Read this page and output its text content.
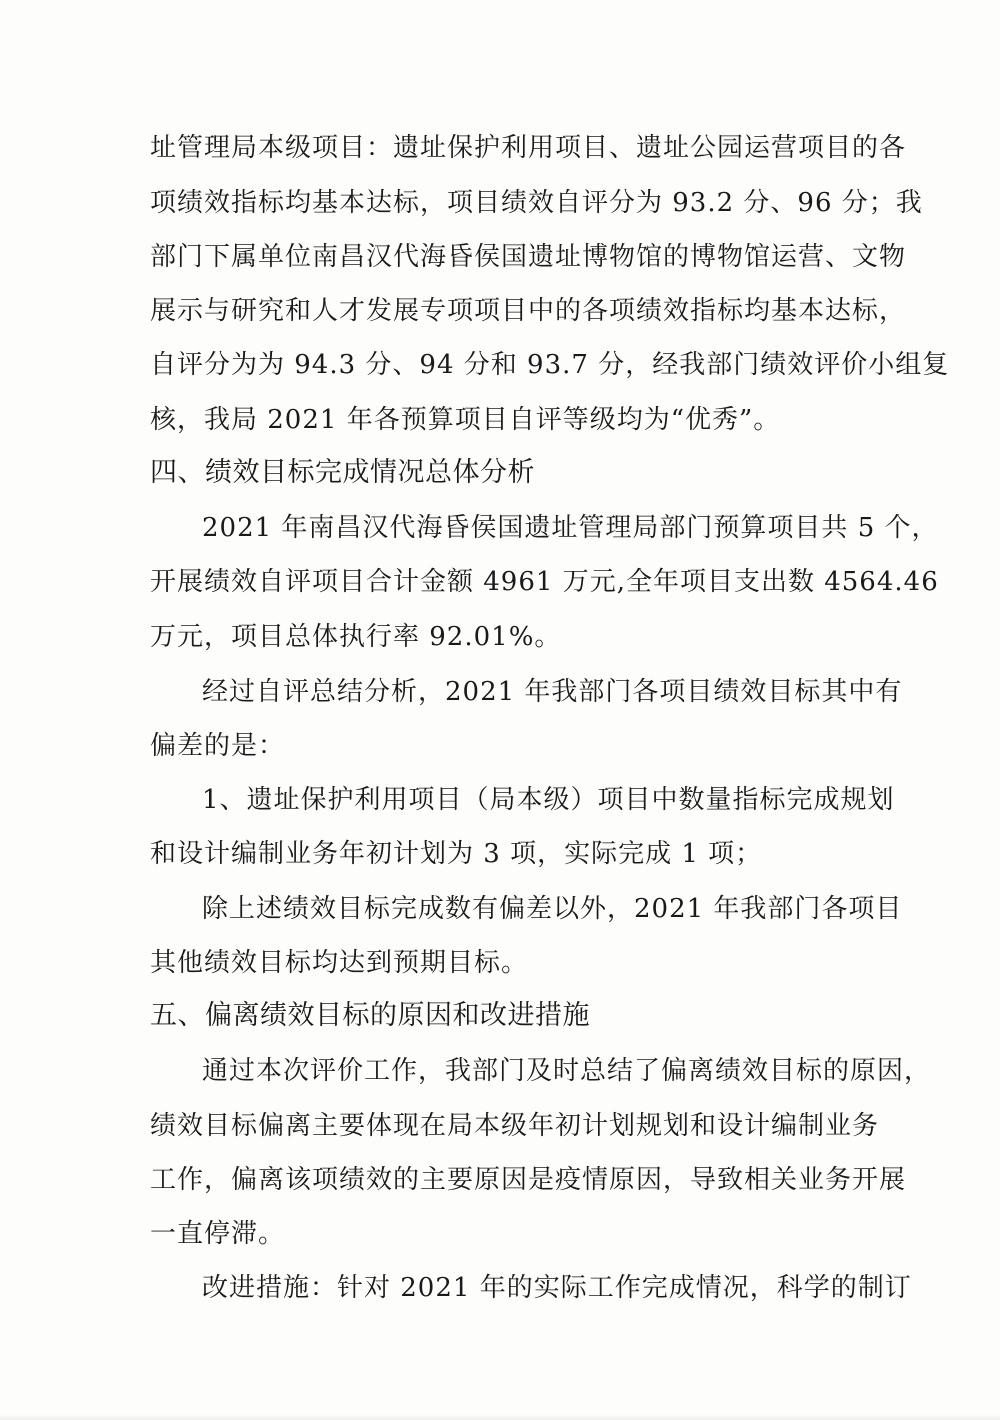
址管理局本级项目：遗址保护利用项目、遗址公园运营项目的各
项绩效指标均基本达标，项目绩效自评分为 93.2 分、96 分；我
部门下属单位南昌汉代海昏侯国遗址博物馆的博物馆运营、文物
展示与研究和人才发展专项项目中的各项绩效指标均基本达标，
自评分为为 94.3 分、94 分和 93.7 分，经我部门绩效评价小组复
核，我局 2021 年各预算项目自评等级均为“优秀”。
四、绩效目标完成情况总体分析
2021 年南昌汉代海昏侯国遗址管理局部门预算项目共 5 个，
开展绩效自评项目合计金额 4961 万元,全年项目支出数 4564.46
万元，项目总体执行率 92.01%。
经过自评总结分析，2021 年我部门各项目绩效目标其中有
偏差的是：
1、遗址保护利用项目（局本级）项目中数量指标完成规划
和设计编制业务年初计划为 3 项，实际完成 1 项；
除上述绩效目标完成数有偏差以外，2021 年我部门各项目
其他绩效目标均达到预期目标。
五、偏离绩效目标的原因和改进措施
通过本次评价工作，我部门及时总结了偏离绩效目标的原因，
绩效目标偏离主要体现在局本级年初计划规划和设计编制业务
工作，偏离该项绩效的主要原因是疫情原因，导致相关业务开展
一直停滞。
改进措施：针对 2021 年的实际工作完成情况，科学的制订
